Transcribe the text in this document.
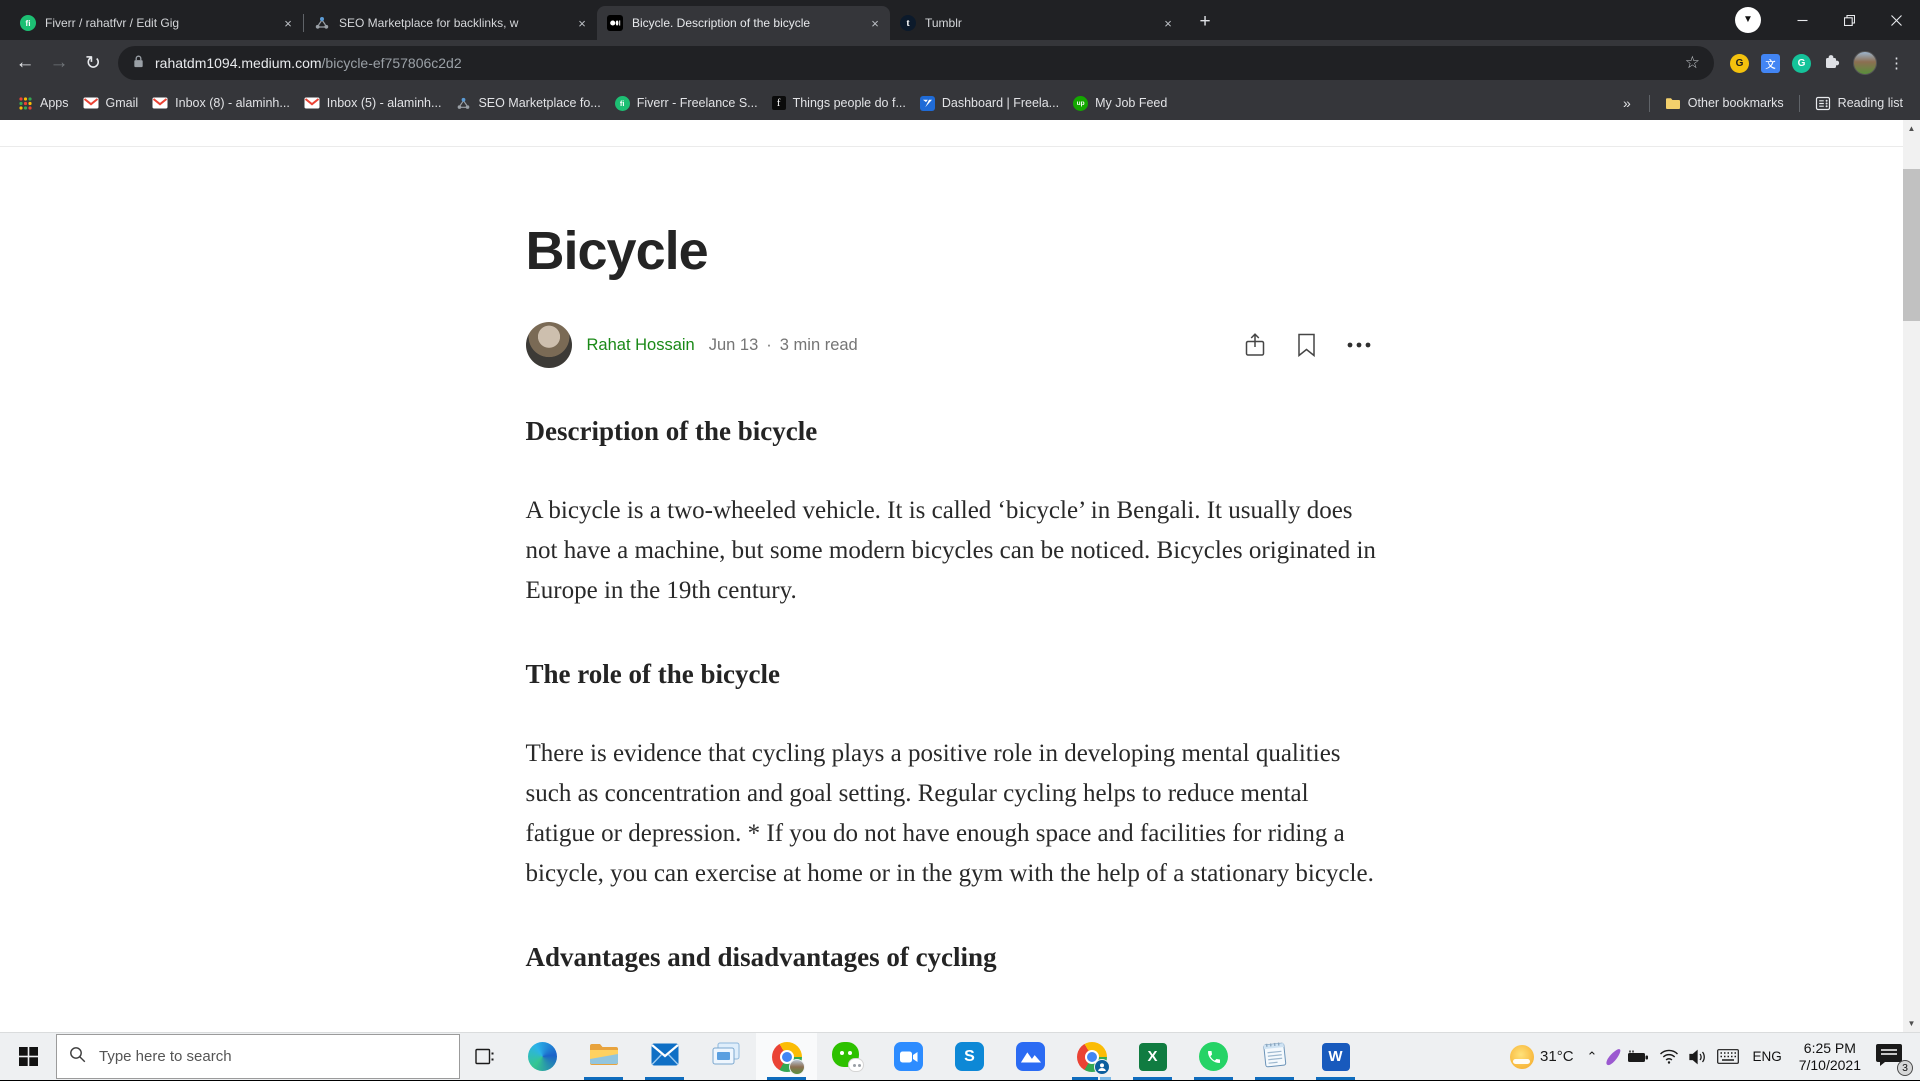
fi	Fiverr / rahatfvr / Edit Gig	×	SEO Marketplace for backlinks, w	×	Bicycle. Description of the bicycle	×	t	Tumblr	×	+	▼
← → ↻	rahatdm1094.medium.com/bicycle-ef757806c2d2	☆	G	文	G	⋮
Apps	Gmail	Inbox (8) - alaminh...	Inbox (5) - alaminh...	SEO Marketplace fo...	fi Fiverr - Freelance S...	f Things people do f...	Dashboard | Freela...	up My Job Feed	»	Other bookmarks	Reading list
Bicycle
Rahat Hossain Jun 13 · 3 min read
Description of the bicycle

A bicycle is a two-wheeled vehicle. It is called ‘bicycle’ in Bengali. It usually does not have a machine, but some modern bicycles can be noticed. Bicycles originated in Europe in the 19th century.

The role of the bicycle

There is evidence that cycling plays a positive role in developing mental qualities such as concentration and goal setting. Regular cycling helps to reduce mental fatigue or depression. * If you do not have enough space and facilities for riding a bicycle, you can exercise at home or in the gym with the help of a stationary bicycle.

Advantages and disadvantages of cycling
▲
▼
Type here to search
S	X	W	31°C	⌃	ENG
6:25 PM
7/10/2021	3
